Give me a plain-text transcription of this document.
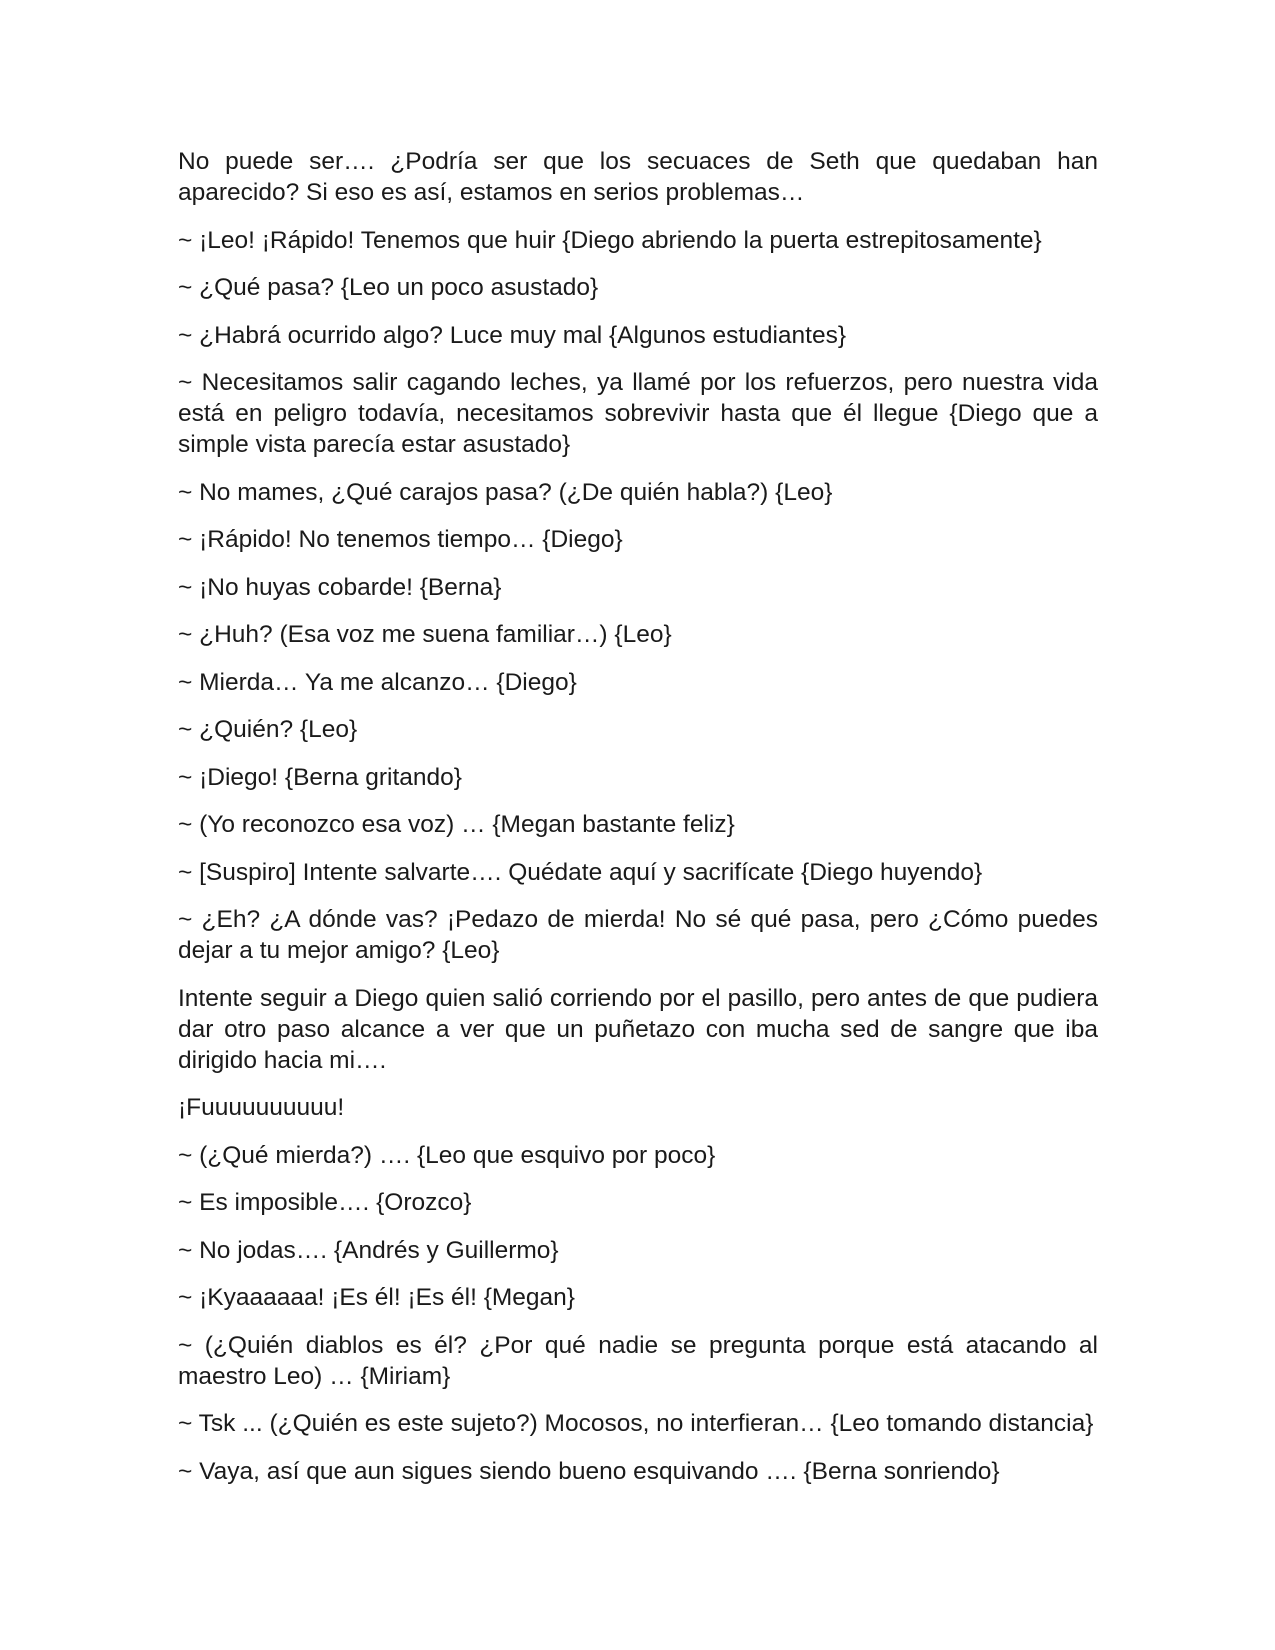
No puede ser…. ¿Podría ser que los secuaces de Seth que quedaban han aparecido? Si eso es así, estamos en serios problemas…

~ ¡Leo! ¡Rápido! Tenemos que huir {Diego abriendo la puerta estrepitosamente}

~ ¿Qué pasa? {Leo un poco asustado}

~ ¿Habrá ocurrido algo? Luce muy mal {Algunos estudiantes}

~ Necesitamos salir cagando leches, ya llamé por los refuerzos, pero nuestra vida está en peligro todavía, necesitamos sobrevivir hasta que él llegue {Diego que a simple vista parecía estar asustado}

~ No mames, ¿Qué carajos pasa? (¿De quién habla?) {Leo}

~ ¡Rápido! No tenemos tiempo… {Diego}

~ ¡No huyas cobarde! {Berna}

~ ¿Huh? (Esa voz me suena familiar…) {Leo}

~ Mierda… Ya me alcanzo… {Diego}

~ ¿Quién? {Leo}

~ ¡Diego! {Berna gritando}

~ (Yo reconozco esa voz) … {Megan bastante feliz}

~ [Suspiro] Intente salvarte…. Quédate aquí y sacrifícate {Diego huyendo}

~ ¿Eh? ¿A dónde vas? ¡Pedazo de mierda! No sé qué pasa, pero ¿Cómo puedes dejar a tu mejor amigo? {Leo}

Intente seguir a Diego quien salió corriendo por el pasillo, pero antes de que pudiera dar otro paso alcance a ver que un puñetazo con mucha sed de sangre que iba dirigido hacia mi….

¡Fuuuuuuuuuu!

~ (¿Qué mierda?) …. {Leo que esquivo por poco}

~ Es imposible…. {Orozco}

~ No jodas…. {Andrés y Guillermo}

~ ¡Kyaaaaaa! ¡Es él! ¡Es él! {Megan}

~ (¿Quién diablos es él? ¿Por qué nadie se pregunta porque está atacando al maestro Leo) … {Miriam}

~ Tsk ... (¿Quién es este sujeto?) Mocosos, no interfieran… {Leo tomando distancia}

~ Vaya, así que aun sigues siendo bueno esquivando …. {Berna sonriendo}
